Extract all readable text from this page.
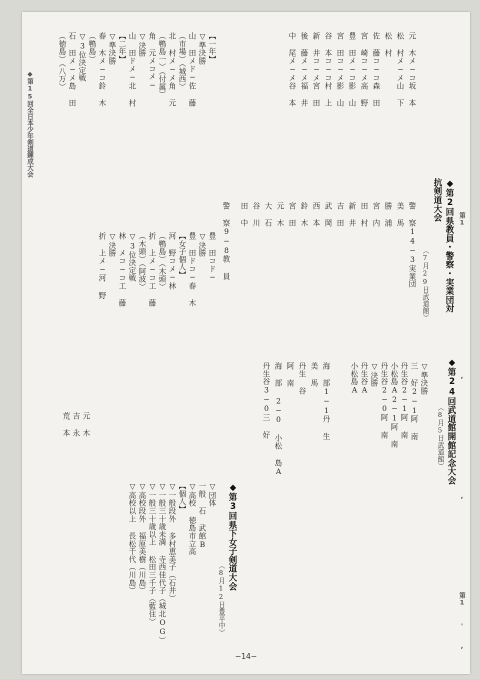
◆第15回全日本少年剣道錬成大会
◆第24回武道館開館記念大会
（8月5日武道館）
◆第2回県教員・警察・実業団対
抗剣道大会
（7月29日武道館）
◆第3回県下女子剣道大会
（8月12日豊平中）
▽準決勝
三 好2−1阿 南
丹生谷2−1阿 南
小松島A2−1阿 南
丹生谷2−0阿 南
▽決勝
丹生谷A
小松島A
警 察14−3実業団
美 馬
勝 浦
宮 内
田 村
新 井
吉 田
武 岡
西 本
鈴 木
宮 田
元 木
大 石
谷 川
田 中
元 木メ−コ坂 本
松 村メ−メ山 下
松 村
佐 藤コ−コ森 田
宮 崎コ−メ高 野
豊 田メ−コ影 山
宮 田コ−メ影 山
谷 本コ−コ村 上
新 井コ−メ宮 田
後 藤メ−メ福 井
中 尾メ−メ谷 本
警 察9−8教 員
海 部1−1丹 生
美 馬
丹生 谷
阿 南
海 部 2−0 小松 島A
丹生谷3−0三 好
▽団体
一般 石 武館B
▽高校 徳島市立高
【個人】
▽一般段外 多村恵美子（石井）
▽一般三十歳未満 寺西佳代子（城北OG）
▽一般三十歳以上 松田三千子（藍住）
▽高校段外 福原美樹（川島）
▽高校以上 長松千代（川島）
【一年】
▽準決勝
山 田メド−佐 藤
（市場）（城西）
北 村メ−メ角 元
（鴨島一）（付属）
角 元メコメ−
▽決勝
山 田ドメ−北 村
【二年】
▽準決勝
春 木メ−コ鈴 木
（鴨島）
▽3位決定戦
石 田メ−メ島 田
（徳島）（八万）
豊 田コド−
▽決勝
豊 田ドコ−春 木
【女子個人】
河 野コメ−林
（鴨島）（木頭）
折 上メ−コ工 藤
（木頭）（阿波）
▽3位決定戦
林 メコ−コ工 藤
▽決勝
折 上メ−河 野
元 木
吉 永
荒 本
−14−
第1
,
,
第1
'
,
